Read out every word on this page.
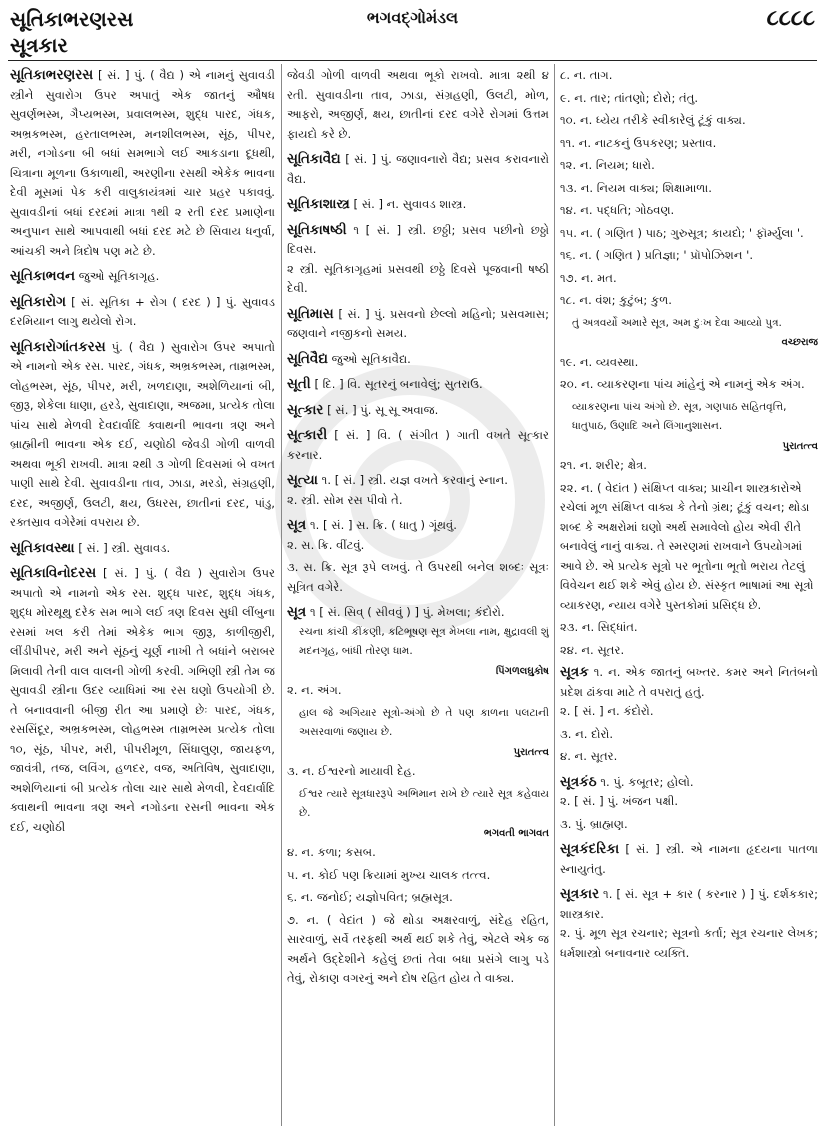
સૂતિકાભરણરસ
સૂત્રકાર
ભગવદ્ગોમંડલ	૮૮૮૮
સૂતિકાભરણરસ [ સં. ] પું. ( વૈદ્ય ) એ નામનું સુવાવડી સ્ત્રીને સુવારોગ ઉપર અપાતું એક જાતનું ઔષધ સુવર્ણભસ્મ, ગૈપ્યભસ્મ, પ્રવાલભસ્મ, શુદ્ધ પારદ, ગંધક, અભ્રકભસ્મ, હરતાલભસ્મ, મનશીલભસ્મ, સૂંઠ, પીપર, મરી, નગોડના બી બધાં સમભાગે લઈ આકડાના દૂધથી, ચિત્રાના મૂળના ઉકાળાથી, અરણીના રસથી એકેક ભાવના દેવી મૂસમાં પેક કરી વાલુકાયંત્રમાં ચાર પ્રહર પકાવવું. સુવાવડીનાં બધાં દરદમાં માત્રા ૧થી ૨ રતી દરદ પ્રમાણેના અનુપાન સાથે આપવાથી બધાં દરદ મટે છે સિવાય ધનુર્વા, આંચકી અને ત્રિદોષ પણ મટે છે.
સૂતિકાભવન જુઓ સૂતિકાગૃહ.
સૂતિકારોગ [ સં. સૂતિકા + રોગ ( દરદ ) ] પું. સુવાવડ દરમિયાન લાગુ થયેલો રોગ.
સૂતિકારોગાંતકરસ પું. ( વૈદ્ય ) સુવારોગ ઉપર અપાતો એ નામનો એક રસ. પારદ, ગંધક, અભ્રકભસ્મ, તામ્રભસ્મ, લોહભસ્મ, સૂંઠ, પીપર, મરી, ખળદાણા, અશેળિયાનાં બી, જીરૂ, શેકેલા ધાણા, હરડે, સુવાદાણા, અજમા, પ્રત્યેક તોલા પાંચ સાથે મેળવી દેવદાર્વાદિ ક્વાથની ભાવના ત્રણ અને બ્રાહ્મીની ભાવના એક દઈ, ચણોઠી જેવડી ગોળી વાળવી અથવા ભૂકી રાખવી. માત્રા ૨થી ૩ ગોળી દિવસમાં બે વખત પાણી સાથે દેવી. સુવાવડીના તાવ, ઝાડા, મરડો, સંગ્રહણી, દરદ, અજીર્ણ, ઉલટી, ક્ષય, ઉધરસ, છાતીનાં દરદ, પાંડુ, રક્તસ્રાવ વગેરેમાં વપરાય છે.
સૂતિકાવસ્થા [ સં. ] સ્ત્રી. સુવાવડ.
સૂતિકાવિનોદરસ [ સં. ] પું. ( વૈદ્ય ) સુવારોગ ઉપર અપાતો એ નામનો એક રસ. શુદ્ધ પારદ, શુદ્ધ ગંધક, શુદ્ધ મોરથૂથુ દરેક સમ ભાગે લઈ ત્રણ દિવસ સુધી લીંબુના રસમાં ખલ કરી તેમાં એકેક ભાગ જીરૂ, કાળીજીરી, લીંડીપીપર, મરી અને સૂંઠનું ચૂર્ણ નાખી તે બધાંને બરાબર મિલાવી તેની વાલ વાલની ગોળી કરવી. ગભિણી સ્ત્રી તેમ જ સુવાવડી સ્ત્રીના ઉદર વ્યાધિમાં આ રસ ઘણો ઉપયોગી છે. તે બનાવવાની બીજી રીત આ પ્રમાણે છેઃ પારદ, ગંધક, રસસિંદૂર, અભ્રકભસ્મ, લોહભસ્મ તામ્રભસ્મ પ્રત્યેક તોલા ૧૦, સૂંઠ, પીપર, મરી, પીપરીમૂળ, સિંધાલુણ, જાયફળ, જાવંત્રી, તજ, લવિંગ, હળદર, વજ, અતિવિષ, સુવાદાણા, અશેળિયાનાં બી પ્રત્યેક તોલા ચાર સાથે મેળવી, દેવદાર્વાદિ ક્વાથની ભાવના ત્રણ અને નગોડના રસની ભાવના એક દઈ, ચણોઠી
જેવડી ગોળી વાળવી અથવા ભૂકો રાખવો. માત્રા ૨થી ૪ રતી. સુવાવડીના તાવ, ઝાડા, સંગ્રહણી, ઉલટી, મોળ, આફરો, અજીર્ણ, ક્ષય, છાતીનાં દરદ વગેરે રોગમાં ઉત્તમ ફાયદો કરે છે.
સૂતિકાવૈદ્ય [ સં. ] પું. જણાવનારો વૈદ્ય; પ્રસવ કરાવનારો વૈદ્ય.
સૂતિકાશાસ્ત્ર [ સં. ] ન. સુવાવડ શાસ્ત્ર.
સૂતિકાષષ્ઠી ૧ [ સં. ] સ્ત્રી. છઠ્ઠી; પ્રસવ પછીનો છઠ્ઠો દિવસ.
૨ સ્ત્રી. સૂતિકાગૃહમાં પ્રસવથી છઠ્ઠે દિવસે પૂજવાની ષષ્ઠી દેવી.
સૂતિમાસ [ સં. ] પું. પ્રસવનો છેલ્લો મહિનો; પ્રસવમાસ; જણવાને નજીકનો સમય.
સૂતિવૈદ્ય જુઓ સૂતિકાવૈદ્ય.
સૂતી [ દિ. ] વિ. સૂતરનું બનાવેલું; સુતરાઉ.
સૂત્કાર [ સં. ] પું. સૂ સૂ અવાજ.
સૂત્કારી [ સં. ] વિ. ( સંગીત ) ગાતી વખતે સૂત્કાર કરનાર.
સૂત્યા ૧. [ સં. ] સ્ત્રી. યજ્ઞ વખતે કરવાનું સ્નાન.
૨. સ્ત્રી. સોમ રસ પીવો તે.
સૂત્ર ૧. [ સં. ] સ. ક્રિ. ( ધાતુ ) ગૂંથવું.
૨. સ. ક્રિ. વીંટવું.
૩. સ. ક્રિ. સૂત્ર રૂપે લખવું. તે ઉપરથી બનેલ શબ્દઃ સૂત્રઃ સૂત્રિત વગેરે.
સૂત્ર ૧ [ સં. સિવ્ ( સીવવું ) ] પું. મેખલા; કંદોરો.
રચના કાંચી કીંકણી, કટિભૂષણ સૂત્ર મેખલા નામ, ક્ષુદ્રાવલી શું મદનગૃહ, બાંધી તોરણ ધામ.
પિંગળલઘુકોષ
૨. ન. અંગ.
હાલ જે અગિયાર સૂત્રો-અંગો છે તે પણ કાળના પલટાની અસરવાળાં જણાય છે.
પુરાતત્ત્વ
૩. ન. ઈશ્વરનો માયાવી દેહ.
ઈશ્વર ત્યારે સૂત્રધારરૂપે અભિમાન રાખે છે ત્યારે સૂત્ર કહેવાય છે.
ભગવતી ભાગવત
૪. ન. કળા; કસબ.
૫. ન. કોઈ પણ ક્રિયામાં મુખ્ય ચાલક તત્ત્વ.
૬. ન. જનોઈ; યજ્ઞોપવિત; બ્રહ્મસૂત્ર.
૭. ન. ( વેદાંત ) જે થોડા અક્ષરવાળું, સંદેહ રહિત, સારવાળું, સર્વે તરફથી અર્થ થઈ શકે તેવું, એટલે એક જ અર્થને ઉદ્દેશીને કહેલું છતાં તેવા બધા પ્રસંગે લાગુ પડે તેવું, રોકાણ વગરનું અને દોષ રહિત હોય તે વાક્ય.
૮. ન. તાગ.
૯. ન. તાર; તાંતણો; દોરો; તંતુ.
૧૦. ન. ધ્યેય તરીકે સ્વીકારેલું ટૂંકું વાક્ય.
૧૧. ન. નાટકનું ઉપકરણ; પ્રસ્તાવ.
૧૨. ન. નિયમ; ધારો.
૧૩. ન. નિયમ વાક્ય; શિક્ષામાળા.
૧૪. ન. પદ્ધતિ; ગોઠવણ.
૧૫. ન. ( ગણિત ) પાઠ; ગુરુસૂત્ર; કાયદો; ' ફૉર્મ્યુલા '.
૧૬. ન. ( ગણિત ) પ્રતિજ્ઞા; ' પ્રૉપોઝિશન '.
૧૭. ન. મત.
૧૮. ન. વંશ; કુટુંબ; કુળ.
તું અત્રવર્યો અમારે સૂત્ર, અમ દુઃખ દેવા આવ્યો પુત્ર.
વચ્છરાજ
૧૯. ન. વ્યવસ્થા.
૨૦. ન. વ્યાકરણના પાંચ માંહેનું એ નામનું એક અંગ.
વ્યાકરણના પાંચ અંગો છે. સૂત્ર, ગણપાઠ સહિતવૃત્તિ, ધાતુપાઠ, ઉણાદિ અને લિંગાનુશાસન.
પુરાતત્ત્વ
૨૧. ન. શરીર; ક્ષેત્ર.
૨૨. ન. ( વેદાંત ) સંક્ષિપ્ત વાક્ય; પ્રાચીન શાસ્ત્રકારોએ રચેલાં મૂળ સંક્ષિપ્ત વાક્ય કે તેનો ગ્રંથ; ટૂંકું વચન; થોડા શબ્દ કે અક્ષરોમાં ઘણો અર્થ સમાવેલો હોય એવી રીતે બનાવેલું નાનું વાક્ય. તે સ્મરણમાં રાખવાને ઉપયોગમાં આવે છે. એ પ્રત્યેક સૂત્રો પર ભૂતોના ભૂતો ભરાય તેટલું વિવેચન થઈ શકે એવું હોય છે. સંસ્કૃત ભાષામાં આ સૂત્રો વ્યાકરણ, ન્યાય વગેરે પુસ્તકોમાં પ્રસિદ્ધ છે.
૨૩. ન. સિદ્ધાંત.
૨૪. ન. સૂતર.
સૂત્રક ૧. ન. એક જાતનું બખ્તર. કમર અને નિતંબનો પ્રદેશ ઢાંકવા માટે તે વપરાતું હતું.
૨. [ સં. ] ન. કંદોરો.
૩. ન. દોરો.
૪. ન. સૂતર.
સૂત્રકંઠ ૧. પું. કબૂતર; હોલો.
૨. [ સં. ] પું. ખંજન પક્ષી.
૩. પું. બ્રાહ્મણ.
સૂત્રકંદરિકા [ સં. ] સ્ત્રી. એ નામના હૃદયના પાતળા સ્નાયુતંતુ.
સૂત્રકાર ૧. [ સં. સૂત્ર + કાર ( કરનાર ) ] પું. દર્શકકાર; શાસ્ત્રકાર.
૨. પું. મૂળ સૂત્ર રચનાર; સૂત્રનો કર્તા; સૂત્ર રચનાર લેખક; ધર્મશાસ્ત્રો બનાવનાર વ્યક્તિ.
